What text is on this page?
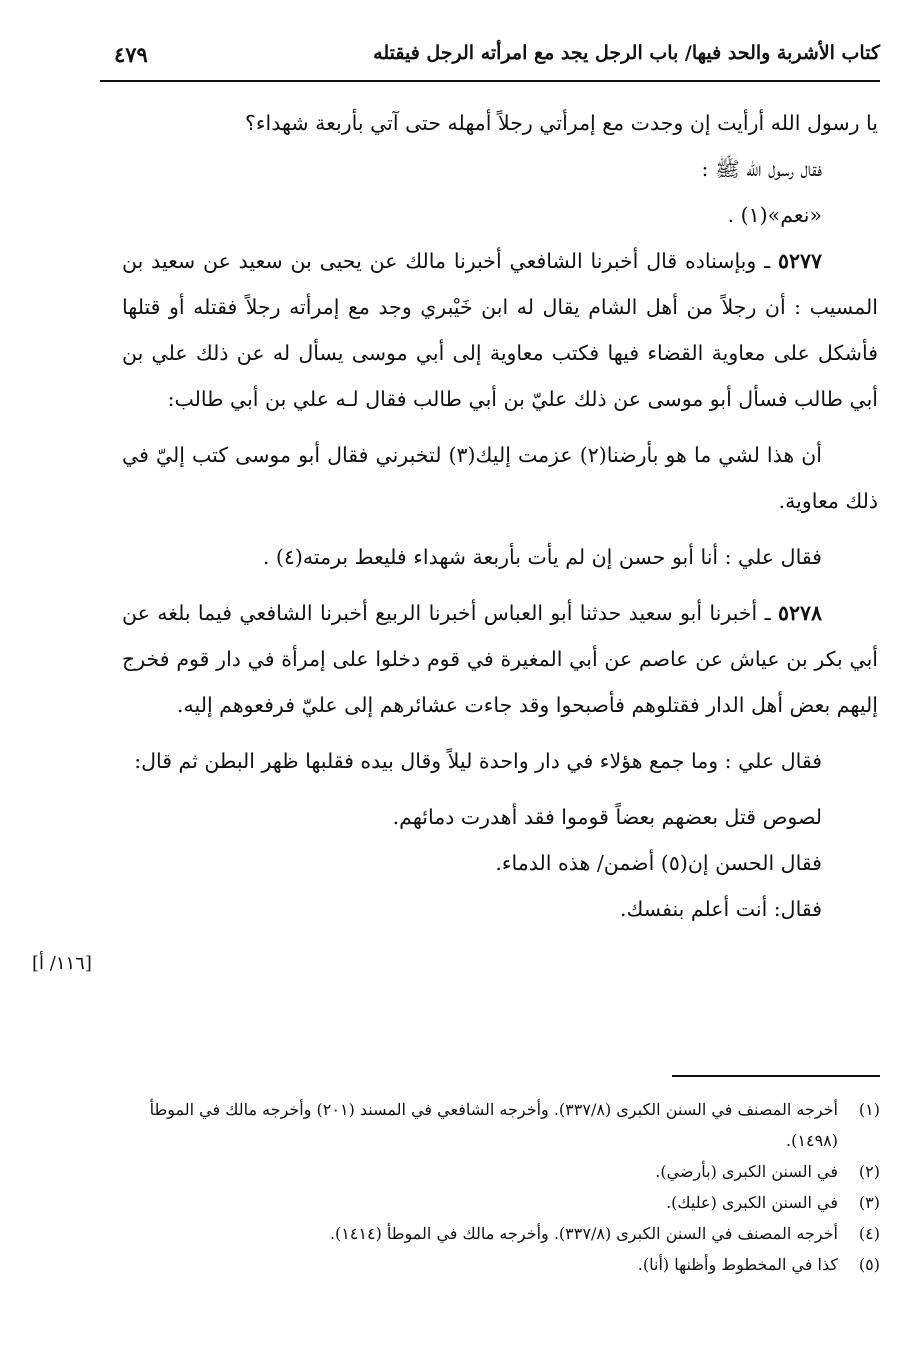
كتاب الأشربة والحد فيها/ باب الرجل يجد مع امرأته الرجل فيقتله
٤٧٩

يا رسول الله أرأيت إن وجدت مع إمرأتي رجلاً أمهله حتى آتي بأربعة شهداء؟

فقال رسول الله ﷺ :

«نعم»(١) .

٥٢٧٧ ـ وبإسناده قال أخبرنا الشافعي أخبرنا مالك عن يحيى بن سعيد عن سعيد بن المسيب : أن رجلاً من أهل الشام يقال له ابن خَيْبري وجد مع إمرأته رجلاً فقتله أو قتلها فأشكل على معاوية القضاء فيها فكتب معاوية إلى أبي موسى يسأل له عن ذلك علي بن أبي طالب فسأل أبو موسى عن ذلك عليّ بن أبي طالب فقال لـه علي بن أبي طالب:

أن هذا لشي ما هو بأرضنا(٢) عزمت إليك(٣) لتخبرني فقال أبو موسى كتب إليّ في ذلك معاوية.

فقال علي : أنا أبو حسن إن لم يأت بأربعة شهداء فليعط برمته(٤) .

٥٢٧٨ ـ أخبرنا أبو سعيد حدثنا أبو العباس أخبرنا الربيع أخبرنا الشافعي فيما بلغه عن أبي بكر بن عياش عن عاصم عن أبي المغيرة في قوم دخلوا على إمرأة في دار قوم فخرج إليهم بعض أهل الدار فقتلوهم فأصبحوا وقد جاءت عشائرهم إلى عليّ فرفعوهم إليه.

فقال علي : وما جمع هؤلاء في دار واحدة ليلاً وقال بيده فقلبها ظهر البطن ثم قال:

لصوص قتل بعضهم بعضاً قوموا فقد أهدرت دمائهم.

فقال الحسن إن(٥) أضمن/ هذه الدماء.

فقال: أنت أعلم بنفسك.

[١١٦/ أ]
(١)
أخرجه المصنف في السنن الكبرى (٣٣٧/٨). وأخرجه الشافعي في المسند (٢٠١) وأخرجه مالك في الموطأ (١٤٩٨).
(٢)
في السنن الكبرى (بأرضي).
(٣)
في السنن الكبرى (عليك).
(٤)
أخرجه المصنف في السنن الكبرى (٣٣٧/٨). وأخرجه مالك في الموطأ (١٤١٤).
(٥)
كذا في المخطوط وأظنها (أنا).
